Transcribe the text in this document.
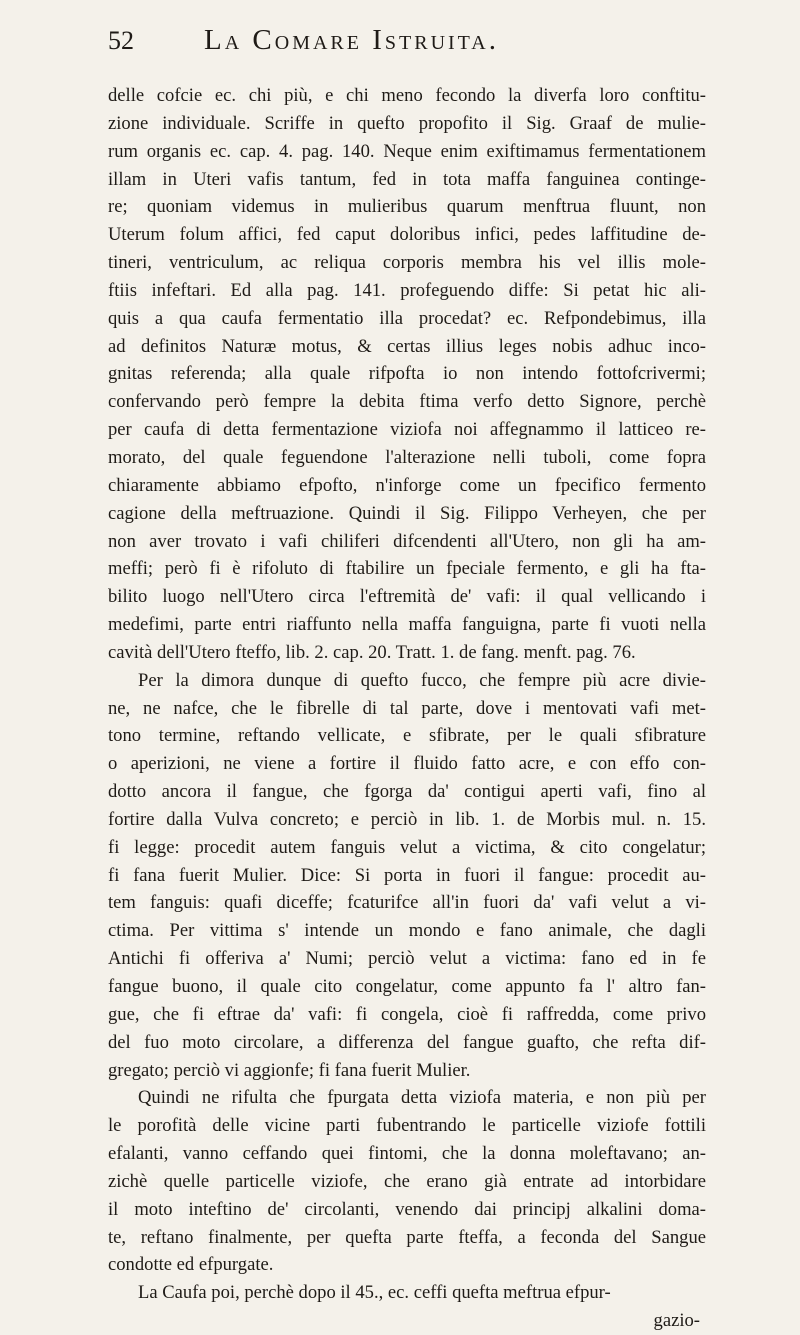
52 La Comare Istruita.
delle cofcie ec. chi più, e chi meno fecondo la diverfa loro conftitu-
zione individuale. Scriffe in quefto propofito il Sig. Graaf de mulie-
rum organis ec. cap. 4. pag. 140. Neque enim exiftimamus fermentationem
illam in Uteri vafis tantum, fed in tota maffa fanguinea continge-
re; quoniam videmus in mulieribus quarum menftrua fluunt, non
Uterum folum affici, fed caput doloribus infici, pedes laffitudine de-
tineri, ventriculum, ac reliqua corporis membra his vel illis mole-
ftiis infeftari. Ed alla pag. 141. profeguendo diffe: Si petat hic ali-
quis a qua caufa fermentatio illa procedat? ec. Refpondebimus, illa
ad definitos Naturæ motus, & certas illius leges nobis adhuc inco-
gnitas referenda; alla quale rifpofta io non intendo fottofcrivermi;
confervando però fempre la debita ftima verfo detto Signore, perchè
per caufa di detta fermentazione viziofa noi affegnammo il latticeo re-
morato, del quale feguendone l'alterazione nelli tuboli, come fopra
chiaramente abbiamo efpofto, n'inforge come un fpecifico fermento
cagione della meftruazione. Quindi il Sig. Filippo Verheyen, che per
non aver trovato i vafi chiliferi difcendenti all'Utero, non gli ha am-
meffi; però fi è rifoluto di ftabilire un fpeciale fermento, e gli ha fta-
bilito luogo nell'Utero circa l'eftremità de' vafi: il qual vellicando i
medefimi, parte entri riaffunto nella maffa fanguigna, parte fi vuoti nella
cavità dell'Utero fteffo, lib. 2. cap. 20. Tratt. 1. de fang. menft. pag. 76.
Per la dimora dunque di quefto fucco, che fempre più acre divie-
ne, ne nafce, che le fibrelle di tal parte, dove i mentovati vafi met-
tono termine, reftando vellicate, e sfibrate, per le quali sfibrature
o aperizioni, ne viene a fortire il fluido fatto acre, e con effo con-
dotto ancora il fangue, che fgorga da' contigui aperti vafi, fino al
fortire dalla Vulva concreto; e perciò in lib. 1. de Morbis mul. n. 15.
fi legge: procedit autem fanguis velut a victima, & cito congelatur;
fi fana fuerit Mulier. Dice: Si porta in fuori il fangue: procedit au-
tem fanguis: quafi diceffe; fcaturifce all'in fuori da' vafi velut a vi-
ctima. Per vittima s' intende un mondo e fano animale, che dagli
Antichi fi offeriva a' Numi; perciò velut a victima: fano ed in fe
fangue buono, il quale cito congelatur, come appunto fa l' altro fan-
gue, che fi eftrae da' vafi: fi congela, cioè fi raffredda, come privo
del fuo moto circolare, a differenza del fangue guafto, che refta dif-
gregato; perciò vi aggionfe; fi fana fuerit Mulier.
Quindi ne rifulta che fpurgata detta viziofa materia, e non più per
le porofità delle vicine parti fubentrando le particelle viziofe fottili
efalanti, vanno ceffando quei fintomi, che la donna moleftavano; an-
zichè quelle particelle viziofe, che erano già entrate ad intorbidare
il moto inteftino de' circolanti, venendo dai principj alkalini doma-
te, reftano finalmente, per quefta parte fteffa, a feconda del Sangue
condotte ed efpurgate.
La Caufa poi, perchè dopo il 45., ec. ceffi quefta meftrua efpur-
gazio-
